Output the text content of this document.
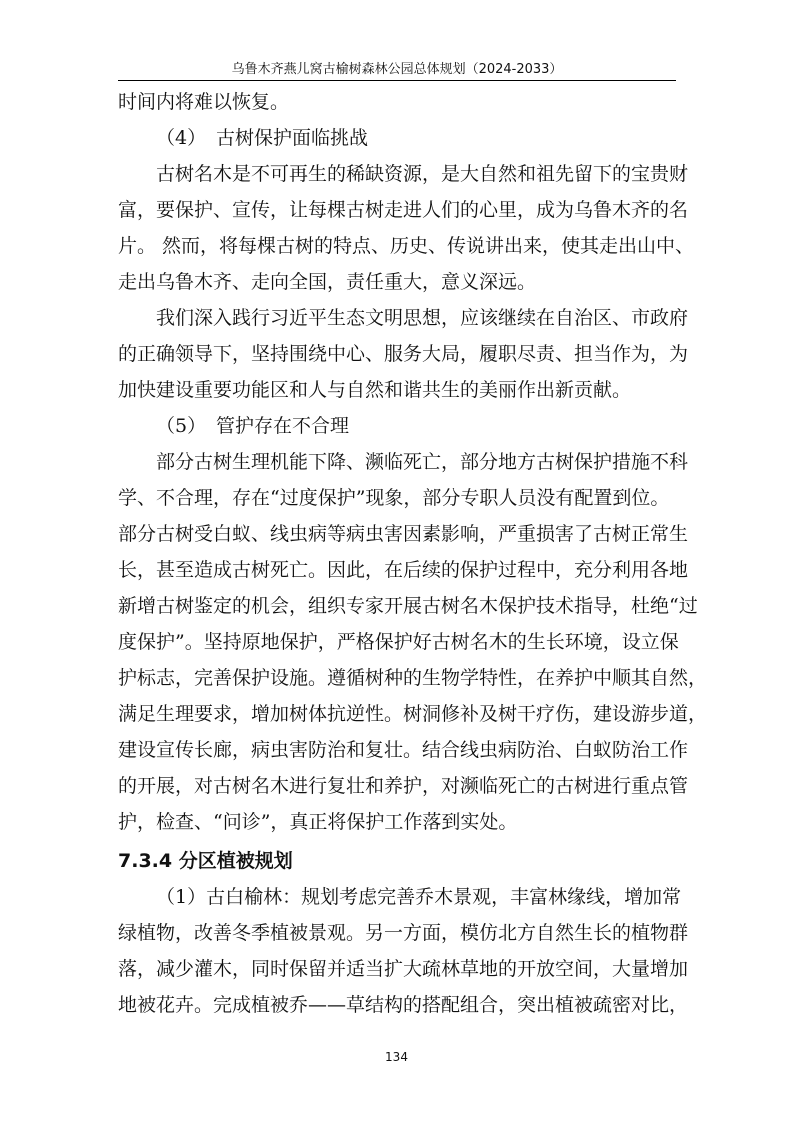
乌鲁木齐燕儿窝古榆树森林公园总体规划（2024-2033）

时间内将难以恢复。

（4） 古树保护面临挑战

古树名木是不可再生的稀缺资源，是大自然和祖先留下的宝贵财

富，要保护、宣传，让每棵古树走进人们的心里，成为乌鲁木齐的名

片。 然而，将每棵古树的特点、历史、传说讲出来，使其走出山中、

走出乌鲁木齐、走向全国，责任重大，意义深远。

我们深入践行习近平生态文明思想，应该继续在自治区、市政府

的正确领导下，坚持围绕中心、服务大局，履职尽责、担当作为，为

加快建设重要功能区和人与自然和谐共生的美丽作出新贡献。

（5） 管护存在不合理

部分古树生理机能下降、濒临死亡，部分地方古树保护措施不科

学、不合理，存在“过度保护”现象，部分专职人员没有配置到位。

部分古树受白蚁、线虫病等病虫害因素影响，严重损害了古树正常生

长，甚至造成古树死亡。因此，在后续的保护过程中，充分利用各地

新增古树鉴定的机会，组织专家开展古树名木保护技术指导，杜绝“过

度保护”。坚持原地保护，严格保护好古树名木的生长环境，设立保

护标志，完善保护设施。遵循树种的生物学特性，在养护中顺其自然，

满足生理要求，增加树体抗逆性。树洞修补及树干疗伤，建设游步道，

建设宣传长廊，病虫害防治和复壮。结合线虫病防治、白蚁防治工作

的开展，对古树名木进行复壮和养护，对濒临死亡的古树进行重点管

护，检查、“问诊”，真正将保护工作落到实处。

7.3.4 分区植被规划

（1）古白榆林：规划考虑完善乔木景观，丰富林缘线，增加常

绿植物，改善冬季植被景观。另一方面，模仿北方自然生长的植物群

落，减少灌木，同时保留并适当扩大疏林草地的开放空间，大量增加

地被花卉。完成植被乔——草结构的搭配组合，突出植被疏密对比，

134
